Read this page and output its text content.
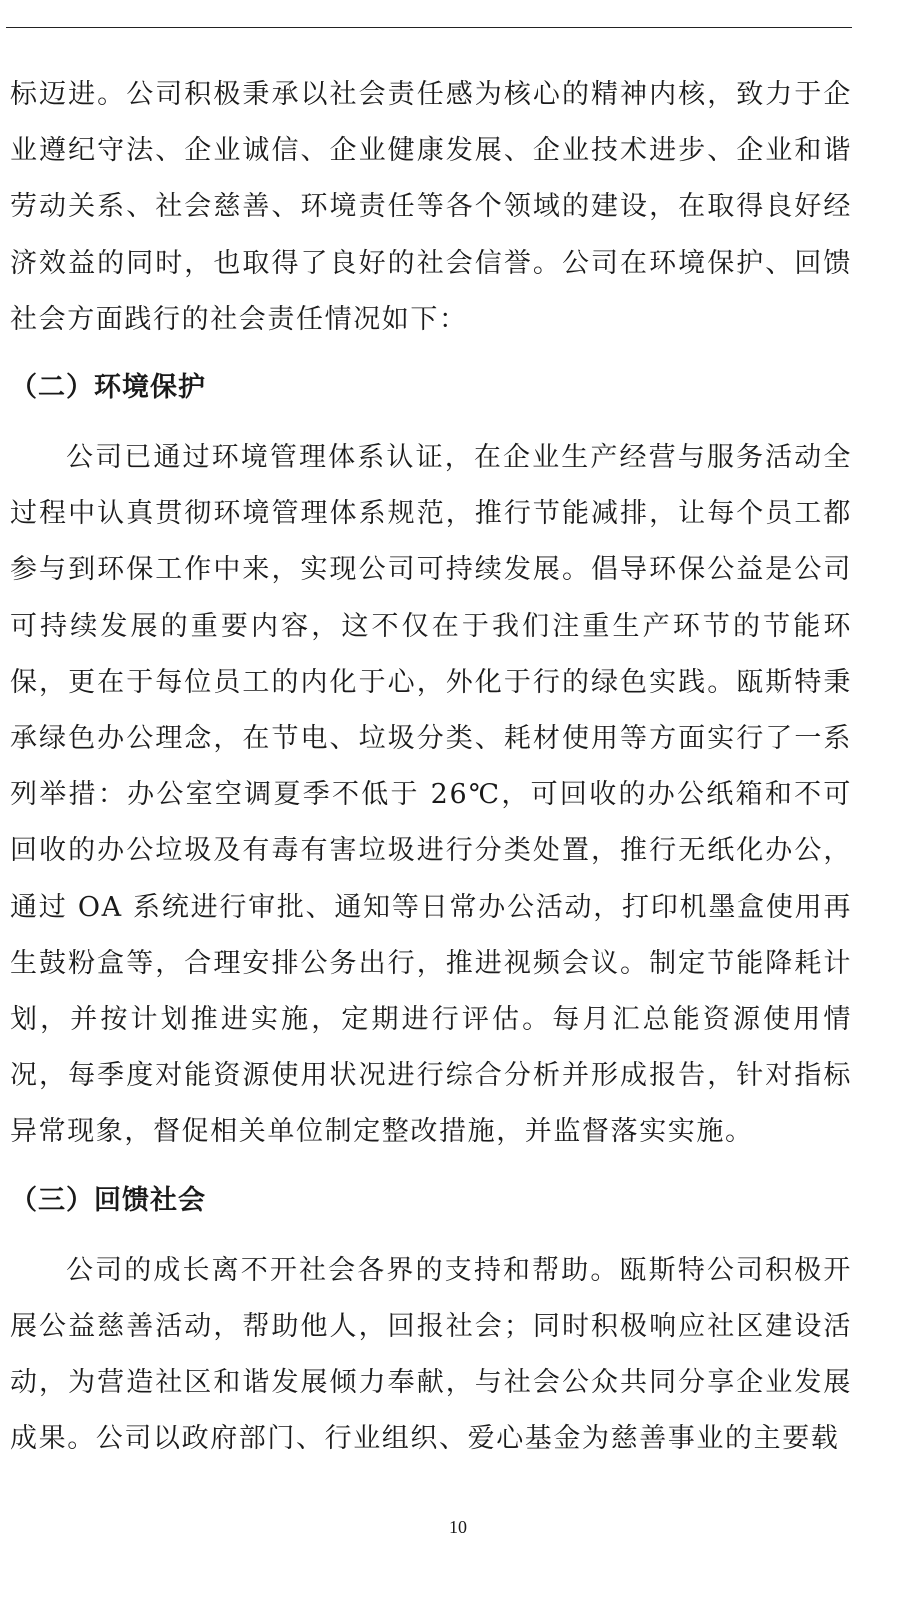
标迈进。公司积极秉承以社会责任感为核心的精神内核，致力于企业遵纪守法、企业诚信、企业健康发展、企业技术进步、企业和谐劳动关系、社会慈善、环境责任等各个领域的建设，在取得良好经济效益的同时，也取得了良好的社会信誉。公司在环境保护、回馈社会方面践行的社会责任情况如下：

（二）环境保护

公司已通过环境管理体系认证，在企业生产经营与服务活动全过程中认真贯彻环境管理体系规范，推行节能减排，让每个员工都参与到环保工作中来，实现公司可持续发展。倡导环保公益是公司可持续发展的重要内容，这不仅在于我们注重生产环节的节能环保，更在于每位员工的内化于心，外化于行的绿色实践。瓯斯特秉承绿色办公理念，在节电、垃圾分类、耗材使用等方面实行了一系列举措：办公室空调夏季不低于 26℃，可回收的办公纸箱和不可回收的办公垃圾及有毒有害垃圾进行分类处置，推行无纸化办公，通过 OA 系统进行审批、通知等日常办公活动，打印机墨盒使用再生鼓粉盒等，合理安排公务出行，推进视频会议。制定节能降耗计划，并按计划推进实施，定期进行评估。每月汇总能资源使用情况，每季度对能资源使用状况进行综合分析并形成报告，针对指标异常现象，督促相关单位制定整改措施，并监督落实实施。

（三）回馈社会

公司的成长离不开社会各界的支持和帮助。瓯斯特公司积极开展公益慈善活动，帮助他人，回报社会；同时积极响应社区建设活动，为营造社区和谐发展倾力奉献，与社会公众共同分享企业发展成果。公司以政府部门、行业组织、爱心基金为慈善事业的主要载

10
